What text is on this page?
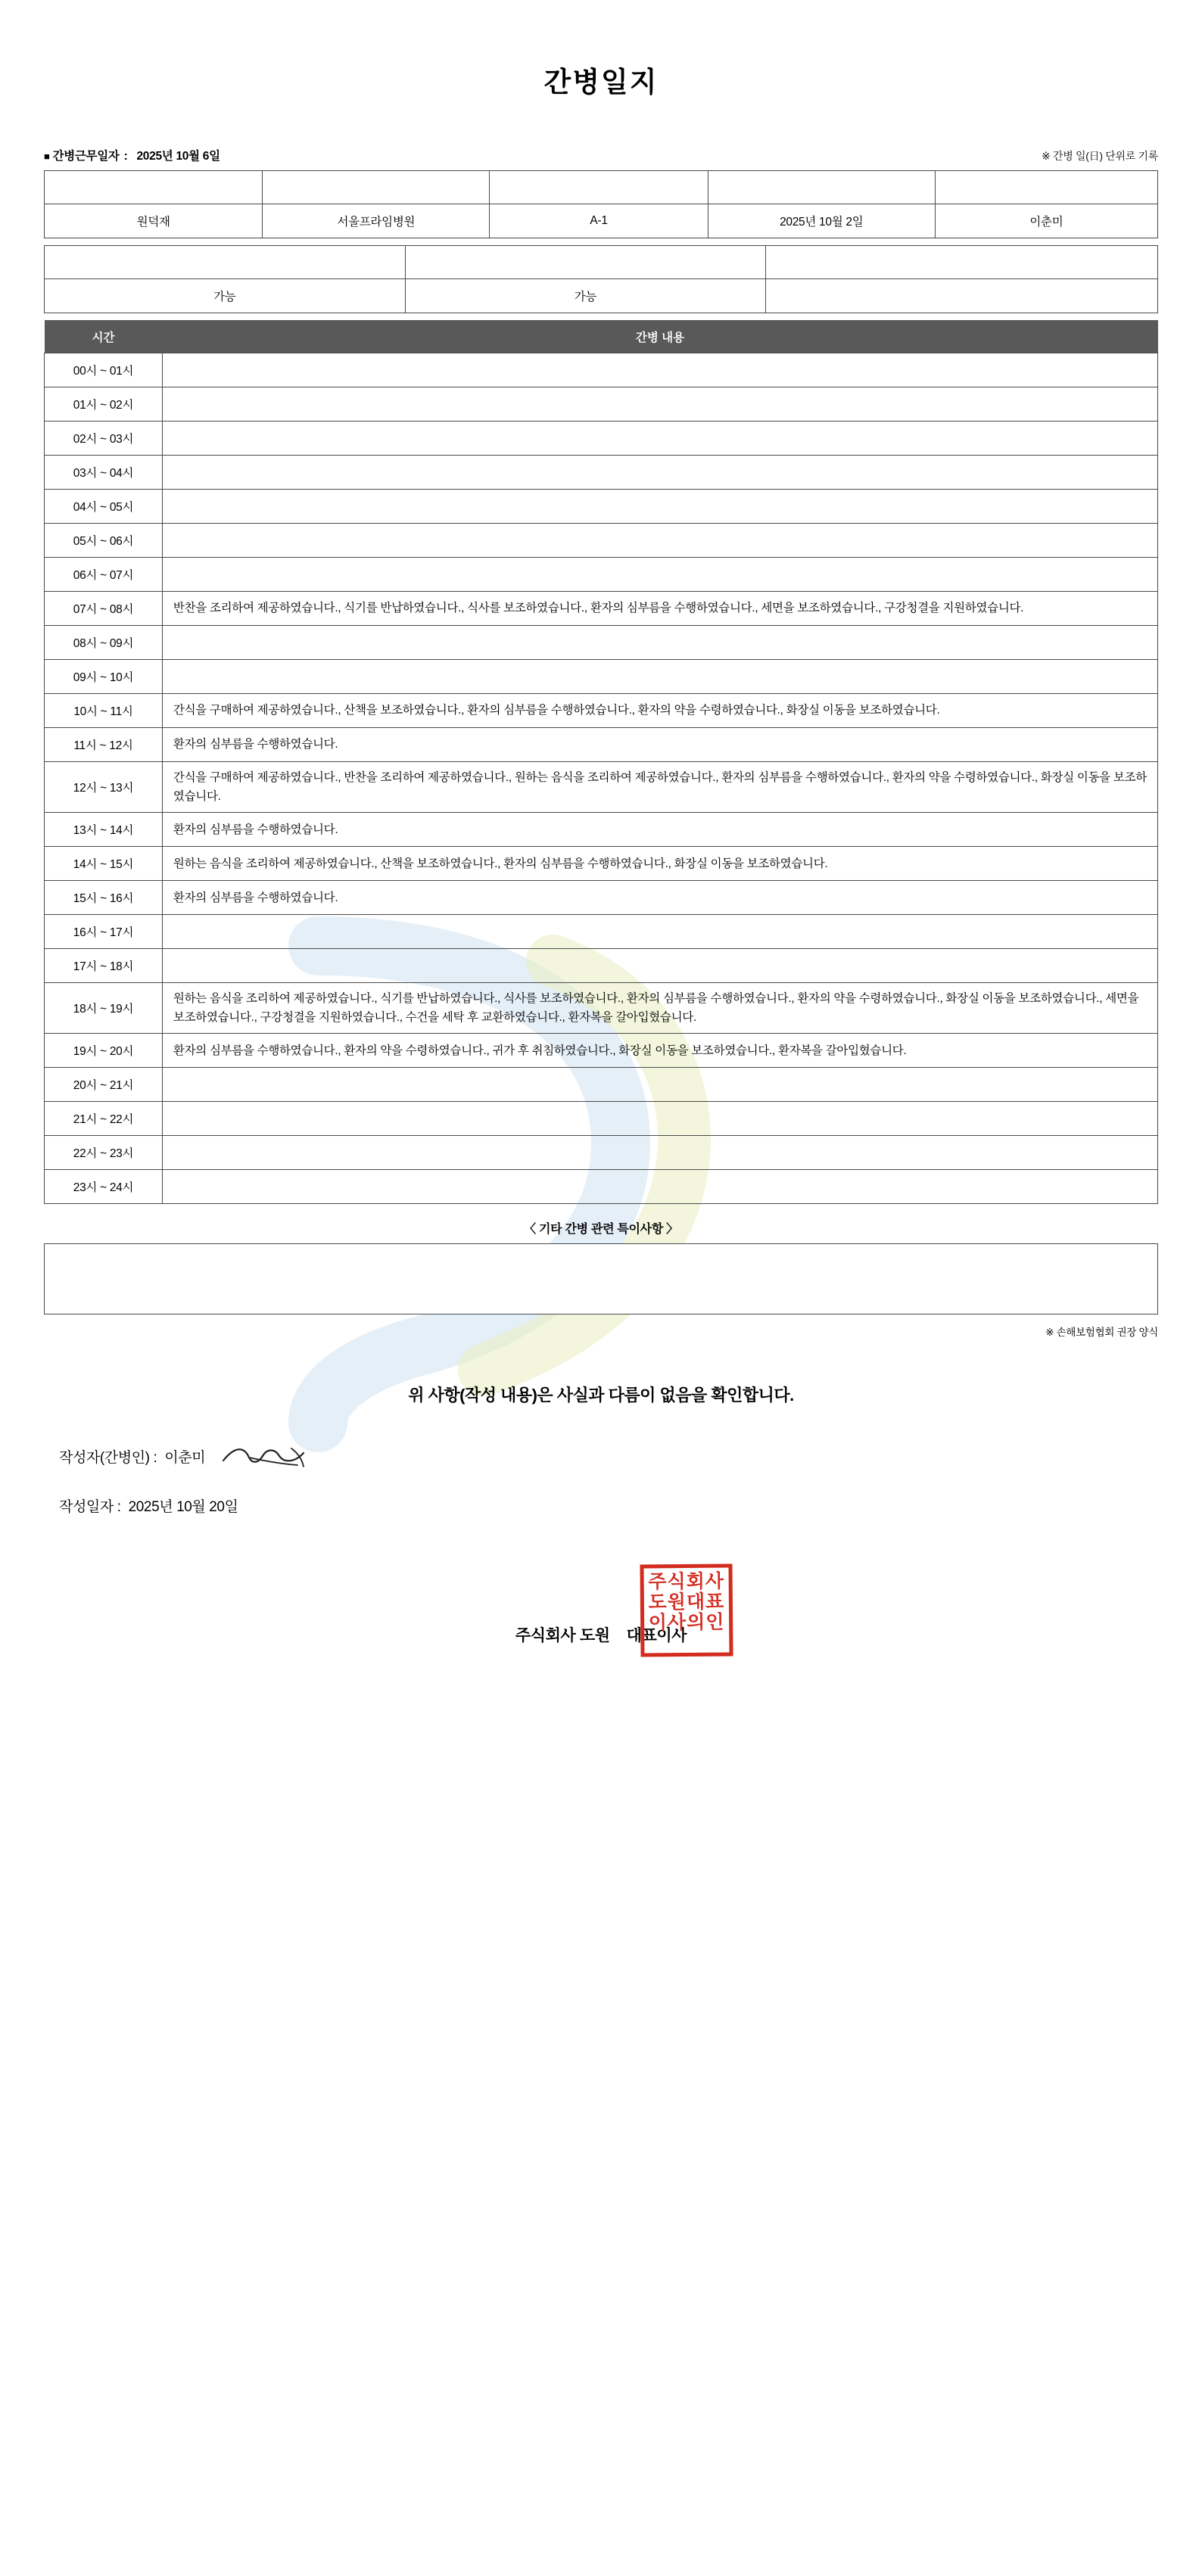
간병일지
■ 간병근무일자 : 2025년 10월 6일	※ 간병 일(日) 단위로 기록
환자성명	의료기관	병실호수	입원날짜	간병인명
원덕재	서울프라임병원	A-1	2025년 10월 2일	이춘미
자가 보행	음식 경구 섭취	체내 관 삽입
가능	가능	
시간	간병 내용
00시 ~ 01시	
01시 ~ 02시	
02시 ~ 03시	
03시 ~ 04시	
04시 ~ 05시	
05시 ~ 06시	
06시 ~ 07시	
07시 ~ 08시	반찬을 조리하여 제공하였습니다., 식기를 반납하였습니다., 식사를 보조하였습니다., 환자의 심부름을 수행하였습니다., 세면을 보조하였습니다., 구강청결을 지원하였습니다.
08시 ~ 09시	
09시 ~ 10시	
10시 ~ 11시	간식을 구매하여 제공하였습니다., 산책을 보조하였습니다., 환자의 심부름을 수행하였습니다., 환자의 약을 수령하였습니다., 화장실 이동을 보조하였습니다.
11시 ~ 12시	환자의 심부름을 수행하였습니다.
12시 ~ 13시	간식을 구매하여 제공하였습니다., 반찬을 조리하여 제공하였습니다., 원하는 음식을 조리하여 제공하였습니다., 환자의 심부름을 수행하였습니다., 환자의 약을 수령하였습니다., 화장실 이동을 보조하였습니다.
13시 ~ 14시	환자의 심부름을 수행하였습니다.
14시 ~ 15시	원하는 음식을 조리하여 제공하였습니다., 산책을 보조하였습니다., 환자의 심부름을 수행하였습니다., 화장실 이동을 보조하였습니다.
15시 ~ 16시	환자의 심부름을 수행하였습니다.
16시 ~ 17시	
17시 ~ 18시	
18시 ~ 19시	원하는 음식을 조리하여 제공하였습니다., 식기를 반납하였습니다., 식사를 보조하였습니다., 환자의 심부름을 수행하였습니다., 환자의 약을 수령하였습니다., 화장실 이동을 보조하였습니다., 세면을 보조하였습니다., 구강청결을 지원하였습니다., 수건을 세탁 후 교환하였습니다., 환자복을 갈아입혔습니다.
19시 ~ 20시	환자의 심부름을 수행하였습니다., 환자의 약을 수령하였습니다., 귀가 후 취침하였습니다., 화장실 이동을 보조하였습니다., 환자복을 갈아입혔습니다.
20시 ~ 21시	
21시 ~ 22시	
22시 ~ 23시	
23시 ~ 24시	
〈 기타 간병 관련 특이사항 〉
※ 손해보험협회 권장 양식
위 사항(작성 내용)은 사실과 다름이 없음을 확인합니다.
작성자(간병인) : 이춘미
작성일자 : 2025년 10월 20일
주식회사 도원 대표이사
주식회사
도원대표
이사의인
